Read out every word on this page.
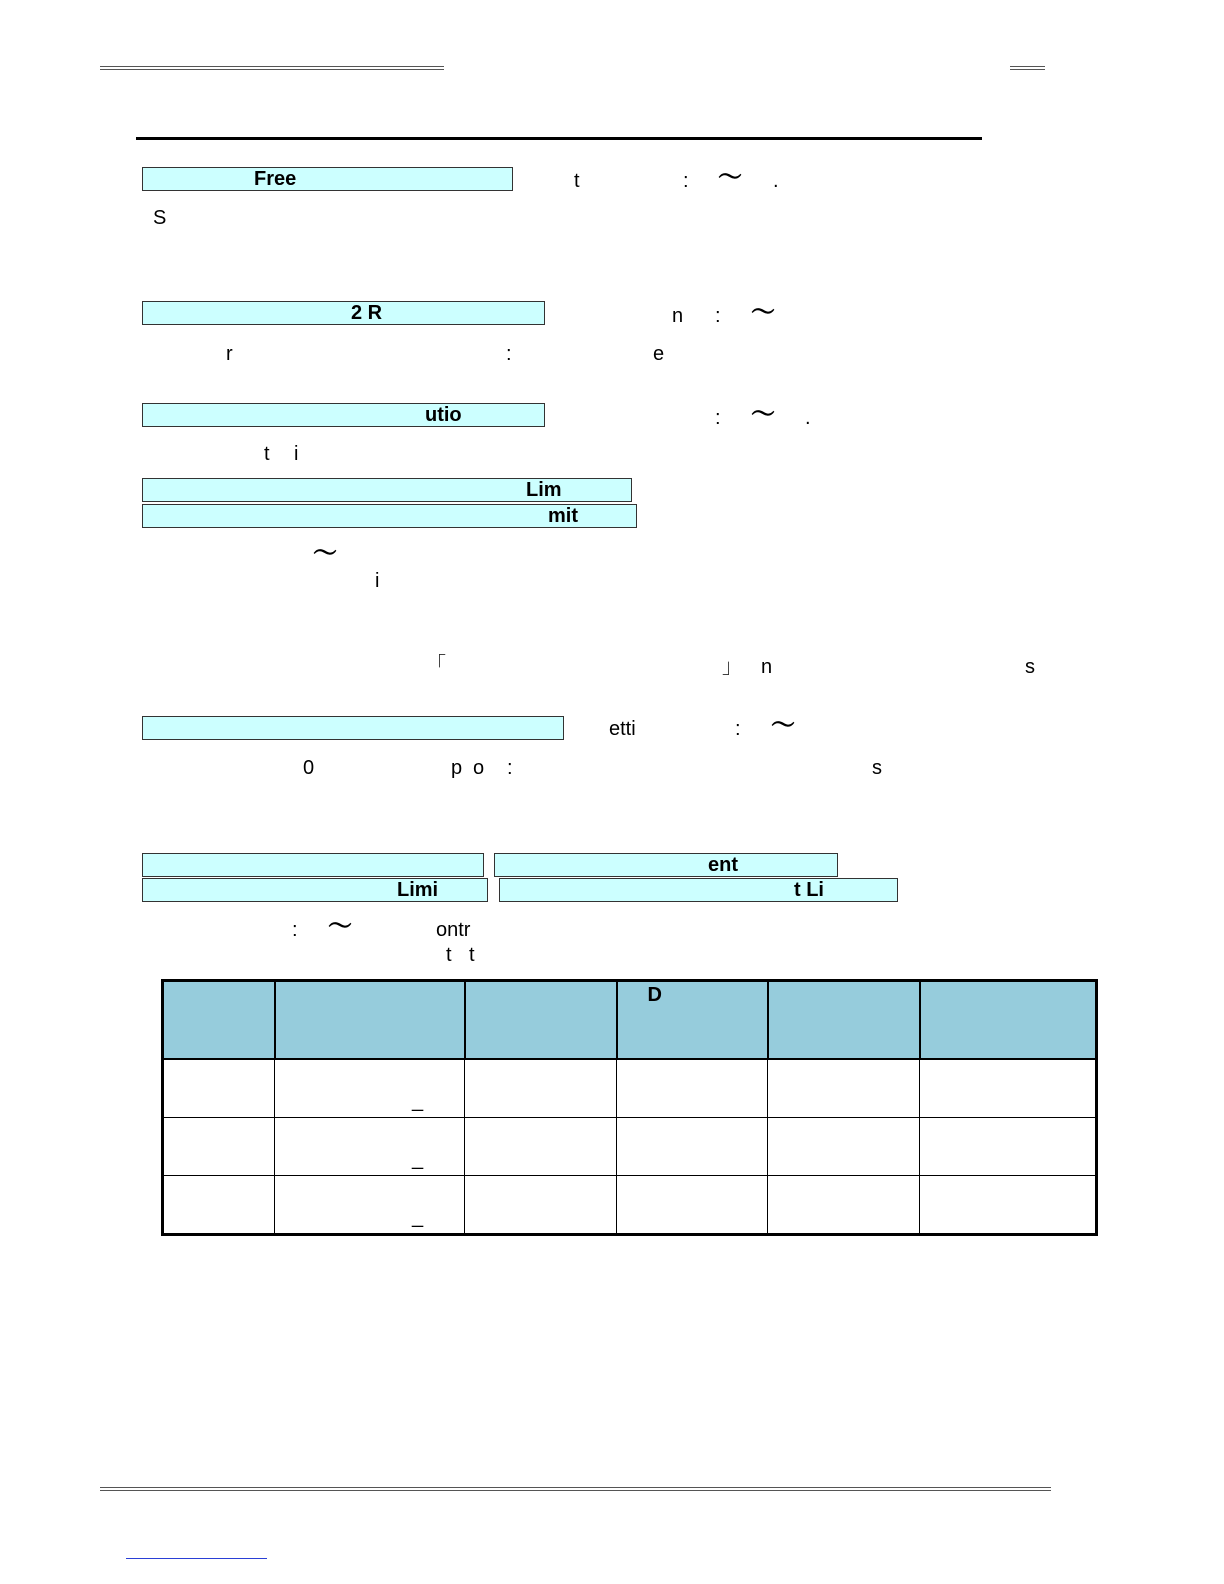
Free	t	: 〜 .
S
2 R	n : 〜
r	:	e
utio	: 〜 .
t i
Lim
mit
〜
i
「	」 n	s
etti	: 〜
0	p o :	s
ent
Limi	t Li
: 〜	ontr
t t
			D		

	_				

	_				

	_				
